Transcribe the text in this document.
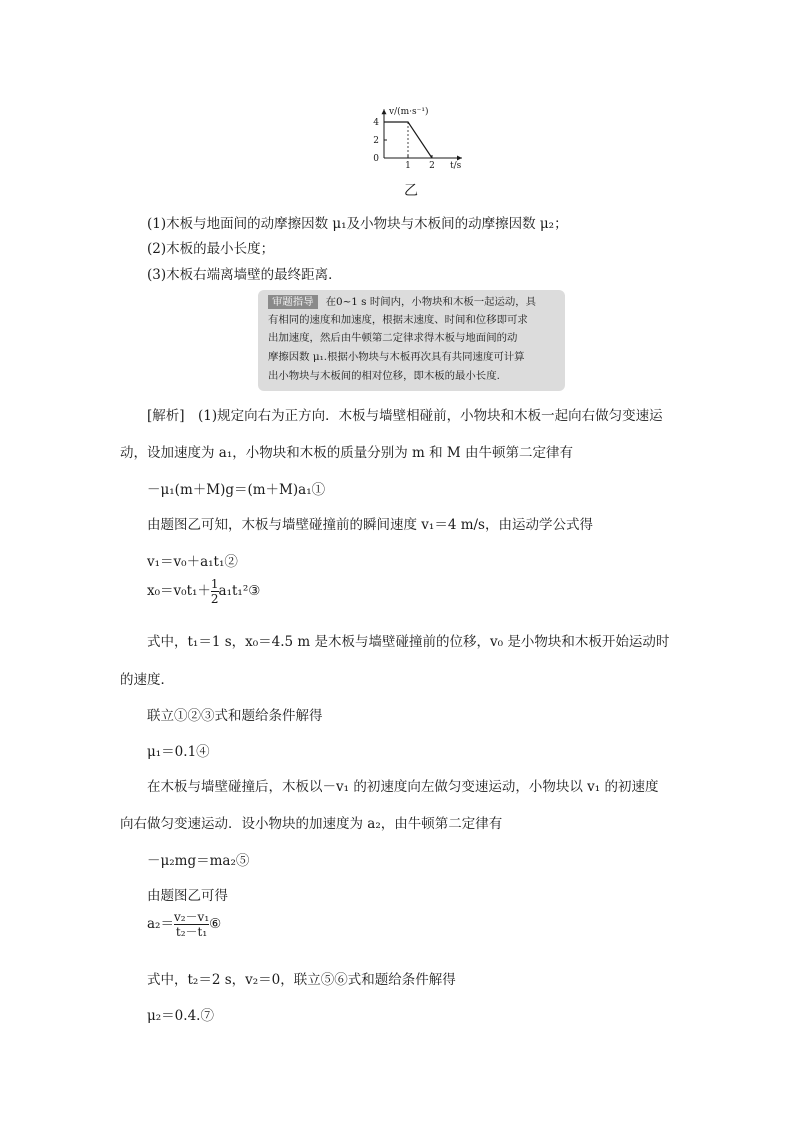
1 2
4
2
0
v/(m·s⁻¹)
t/s
乙
(1)木板与地面间的动摩擦因数 μ₁及小物块与木板间的动摩擦因数 μ₂；
(2)木板的最小长度；
(3)木板右端离墙壁的最终距离．
审题指导 在0~1 s 时间内，小物块和木板一起运动，具
有相同的速度和加速度，根据末速度、时间和位移即可求
出加速度，然后由牛顿第二定律求得木板与地面间的动
摩擦因数 μ₁.根据小物块与木板再次具有共同速度可计算
出小物块与木板间的相对位移，即木板的最小长度.
[解析]　(1)规定向右为正方向．木板与墙壁相碰前，小物块和木板一起向右做匀变速运
动，设加速度为 a₁，小物块和木板的质量分别为 m 和 M 由牛顿第二定律有
－μ₁(m＋M)g＝(m＋M)a₁①
由题图乙可知，木板与墙壁碰撞前的瞬间速度 v₁＝4 m/s，由运动学公式得
v₁＝v₀＋a₁t₁②
$x_0=v_0t_1+ \frac{1}{2}$ a₁t₁²③
式中，t₁＝1 s，x₀＝4.5 m 是木板与墙壁碰撞前的位移，v₀ 是小物块和木板开始运动时
的速度．
联立①②③式和题给条件解得
μ₁＝0.1④
在木板与墙壁碰撞后，木板以－v₁ 的初速度向左做匀变速运动，小物块以 v₁ 的初速度
向右做匀变速运动．设小物块的加速度为 a₂，由牛顿第二定律有
－μ₂mg＝ma₂⑤
由题图乙可得
$a_2= \frac{\text{v₂－v₁}}{\text{t₂－t₁}}$ ⑥
式中，t₂＝2 s，v₂＝0，联立⑤⑥式和题给条件解得
μ₂＝0.4.⑦
